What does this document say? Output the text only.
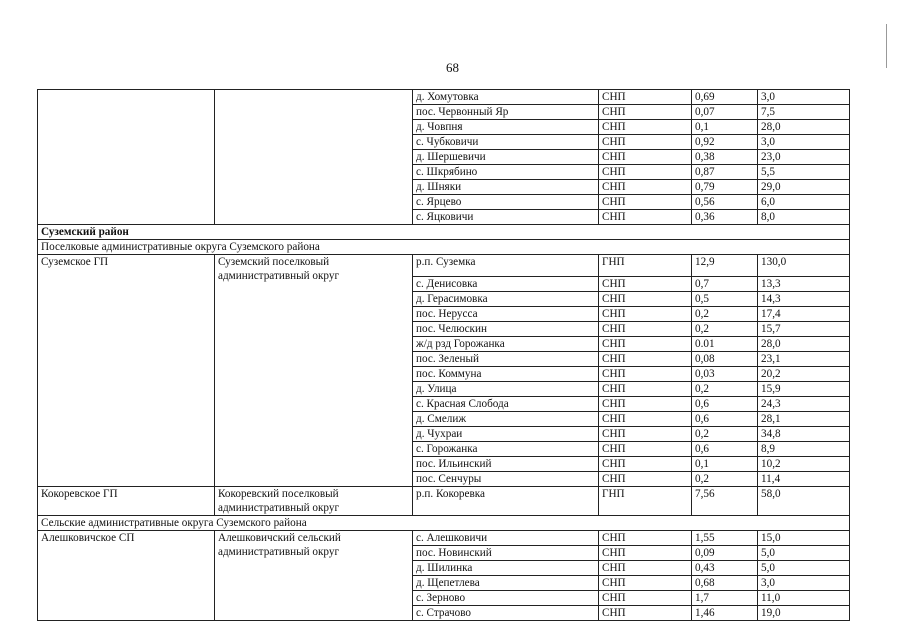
68
		д. Хомутовка	СНП	0,69	3,0
		пос. Червонный Яр	СНП	0,07	7,5
		д. Човпня	СНП	0,1	28,0
		с. Чубковичи	СНП	0,92	3,0
		д. Шершевичи	СНП	0,38	23,0
		с. Шкрябино	СНП	0,87	5,5
		д. Шняки	СНП	0,79	29,0
		с. Ярцево	СНП	0,56	6,0
		с. Яцковичи	СНП	0,36	8,0
Суземский район					
Поселковые административные округа Суземского района					
Суземское ГП	Суземский поселковый административный округ	р.п. Суземка	ГНП	12,9	130,0
		с. Денисовка	СНП	0,7	13,3
		д. Герасимовка	СНП	0,5	14,3
		пос. Нерусса	СНП	0,2	17,4
		пос. Челюскин	СНП	0,2	15,7
		ж/д рзд Горожанка	СНП	0.01	28,0
		пос. Зеленый	СНП	0,08	23,1
		пос. Коммуна	СНП	0,03	20,2
		д. Улица	СНП	0,2	15,9
		с. Красная Слобода	СНП	0,6	24,3
		д. Смелиж	СНП	0,6	28,1
		д. Чухраи	СНП	0,2	34,8
		с. Горожанка	СНП	0,6	8,9
		пос. Ильинский	СНП	0,1	10,2
		пос. Сенчуры	СНП	0,2	11,4
Кокоревское ГП	Кокоревский поселковый административный округ	р.п. Кокоревка	ГНП	7,56	58,0
Сельские административные округа Суземского района					
Алешковичское СП	Алешковичский сельский административный округ	с. Алешковичи	СНП	1,55	15,0
		пос. Новинский	СНП	0,09	5,0
		д. Шилинка	СНП	0,43	5,0
		д. Щепетлева	СНП	0,68	3,0
		с. Зерново	СНП	1,7	11,0
		с. Страчово	СНП	1,46	19,0
